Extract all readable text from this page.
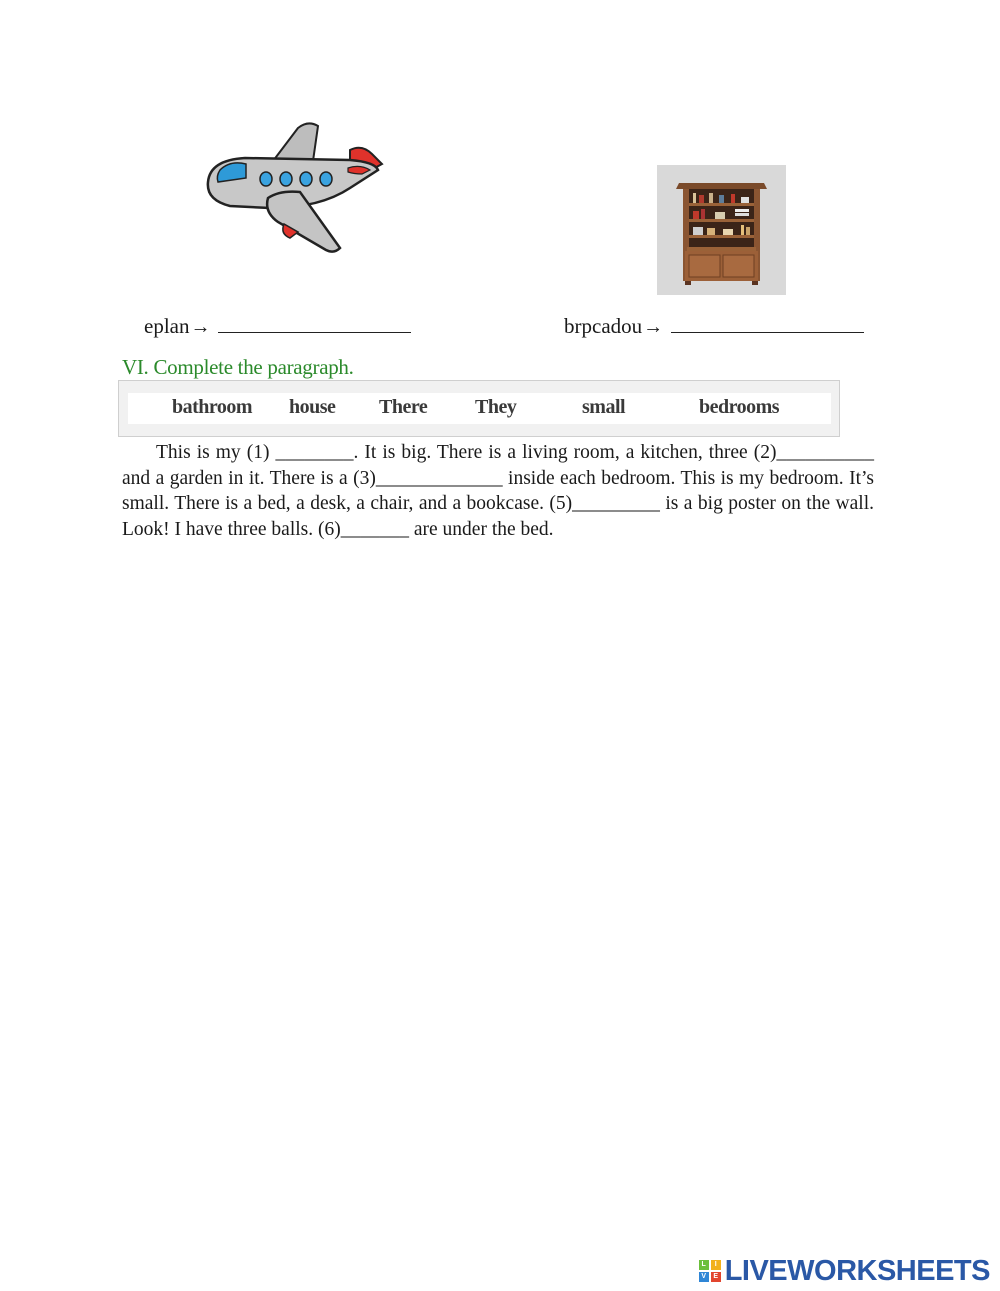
eplan→	brpcadou→
VI. Complete the paragraph.
bathroom house There They	small	bedrooms
This is my (1) ________. It is big. There is a living room, a kitchen, three (2)__________ and a garden in it. There is a (3)_____________ inside each bedroom. This is my bedroom. It’s small. There is a bed, a desk, a chair, and a bookcase. (5)_________ is a big poster on the wall. Look! I have three balls. (6)_______ are under the bed.
L	I
V	E LIVEWORKSHEETS
